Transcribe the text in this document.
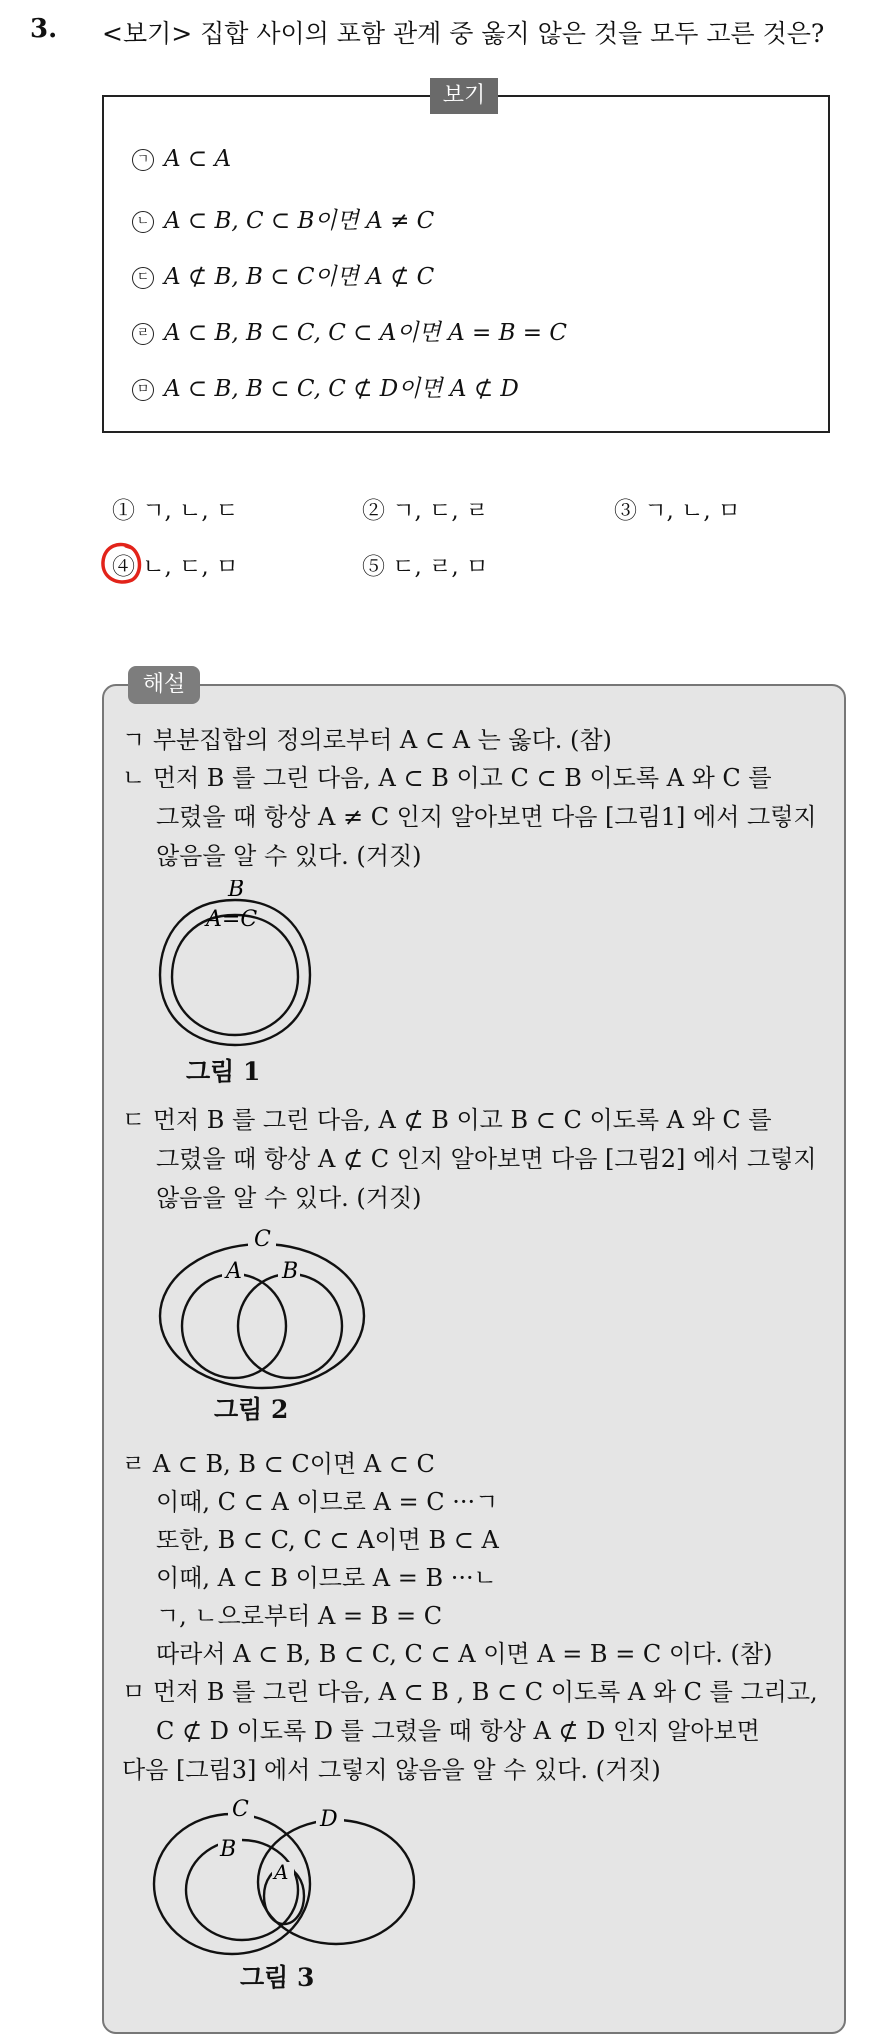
3. <보기> 집합 사이의 포함 관계 중 옳지 않은 것을 모두 고른 것은?
보기
ㄱ A ⊂ A
ㄴ A ⊂ B, C ⊂ B이면 A ≠ C
ㄷ A ⊄ B, B ⊂ C이면 A ⊄ C
ㄹ A ⊂ B, B ⊂ C, C ⊂ A이면 A = B = C
ㅁ A ⊂ B, B ⊂ C, C ⊄ D이면 A ⊄ D
① ㄱ, ㄴ, ㄷ	② ㄱ, ㄷ, ㄹ	③ ㄱ, ㄴ, ㅁ
④ ㄴ, ㄷ, ㅁ	⑤ ㄷ, ㄹ, ㅁ
해설
ㄱ 부분집합의 정의로부터 A ⊂ A 는 옳다. (참)
ㄴ 먼저 B 를 그린 다음, A ⊂ B 이고 C ⊂ B 이도록 A 와 C 를
그렸을 때 항상 A ≠ C 인지 알아보면 다음 [그림1] 에서 그렇지
않음을 알 수 있다. (거짓)
B
A=C
그림 1
ㄷ 먼저 B 를 그린 다음, A ⊄ B 이고 B ⊂ C 이도록 A 와 C 를
그렸을 때 항상 A ⊄ C 인지 알아보면 다음 [그림2] 에서 그렇지
않음을 알 수 있다. (거짓)
C
A B
그림 2
ㄹ A ⊂ B, B ⊂ C이면 A ⊂ C
이때, C ⊂ A 이므로 A = C ···ㄱ
또한, B ⊂ C, C ⊂ A이면 B ⊂ A
이때, A ⊂ B 이므로 A = B ···ㄴ
ㄱ, ㄴ으로부터 A = B = C
따라서 A ⊂ B, B ⊂ C, C ⊂ A 이면 A = B = C 이다. (참)
ㅁ 먼저 B 를 그린 다음, A ⊂ B , B ⊂ C 이도록 A 와 C 를 그리고,
C ⊄ D 이도록 D 를 그렸을 때 항상 A ⊄ D 인지 알아보면
다음 [그림3] 에서 그렇지 않음을 알 수 있다. (거짓)
C	D
B
A
그림 3
